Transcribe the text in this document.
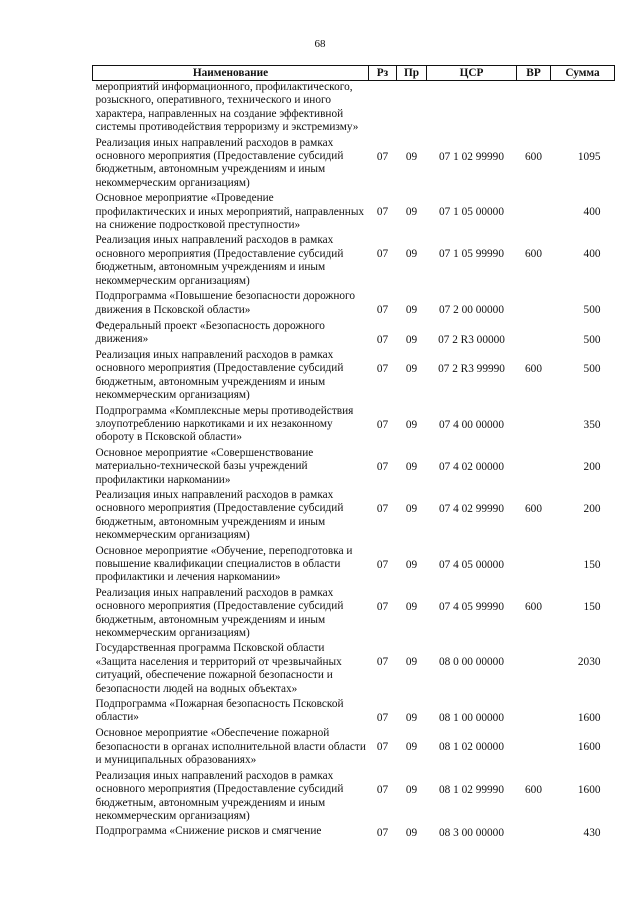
68
Наименование	Рз	Пр	ЦСР	ВР	Сумма
мероприятий информационного, профилактического, розыскного, оперативного, технического и иного характера, направленных на создание эффективной системы противодействия терроризму и экстремизму»					
Реализация иных направлений расходов в рамках основного мероприятия (Предоставление субсидий бюджетным, автономным учреждениям и иным некоммерческим организациям)	07	09	07 1 02 99990	600	1095
Основное мероприятие «Проведение профилактических и иных мероприятий, направленных на снижение подростковой преступности»	07	09	07 1 05 00000		400
Реализация иных направлений расходов в рамках основного мероприятия (Предоставление субсидий бюджетным, автономным учреждениям и иным некоммерческим организациям)	07	09	07 1 05 99990	600	400
Подпрограмма «Повышение безопасности дорожного движения в Псковской области»	07	09	07 2 00 00000		500
Федеральный проект «Безопасность дорожного движения»	07	09	07 2 R3 00000		500
Реализация иных направлений расходов в рамках основного мероприятия (Предоставление субсидий бюджетным, автономным учреждениям и иным некоммерческим организациям)	07	09	07 2 R3 99990	600	500
Подпрограмма «Комплексные меры противодействия злоупотреблению наркотиками и их незаконному обороту в Псковской области»	07	09	07 4 00 00000		350
Основное мероприятие «Совершенствование материально-технической базы учреждений профилактики наркомании»	07	09	07 4 02 00000		200
Реализация иных направлений расходов в рамках основного мероприятия (Предоставление субсидий бюджетным, автономным учреждениям и иным некоммерческим организациям)	07	09	07 4 02 99990	600	200
Основное мероприятие «Обучение, переподготовка и повышение квалификации специалистов в области профилактики и лечения наркомании»	07	09	07 4 05 00000		150
Реализация иных направлений расходов в рамках основного мероприятия (Предоставление субсидий бюджетным, автономным учреждениям и иным некоммерческим организациям)	07	09	07 4 05 99990	600	150
Государственная программа Псковской области «Защита населения и территорий от чрезвычайных ситуаций, обеспечение пожарной безопасности и безопасности людей на водных объектах»	07	09	08 0 00 00000		2030
Подпрограмма «Пожарная безопасность Псковской области»	07	09	08 1 00 00000		1600
Основное мероприятие «Обеспечение пожарной безопасности в органах исполнительной власти области и муниципальных образованиях»	07	09	08 1 02 00000		1600
Реализация иных направлений расходов в рамках основного мероприятия (Предоставление субсидий бюджетным, автономным учреждениям и иным некоммерческим организациям)	07	09	08 1 02 99990	600	1600
Подпрограмма «Снижение рисков и смягчение	07	09	08 3 00 00000		430
